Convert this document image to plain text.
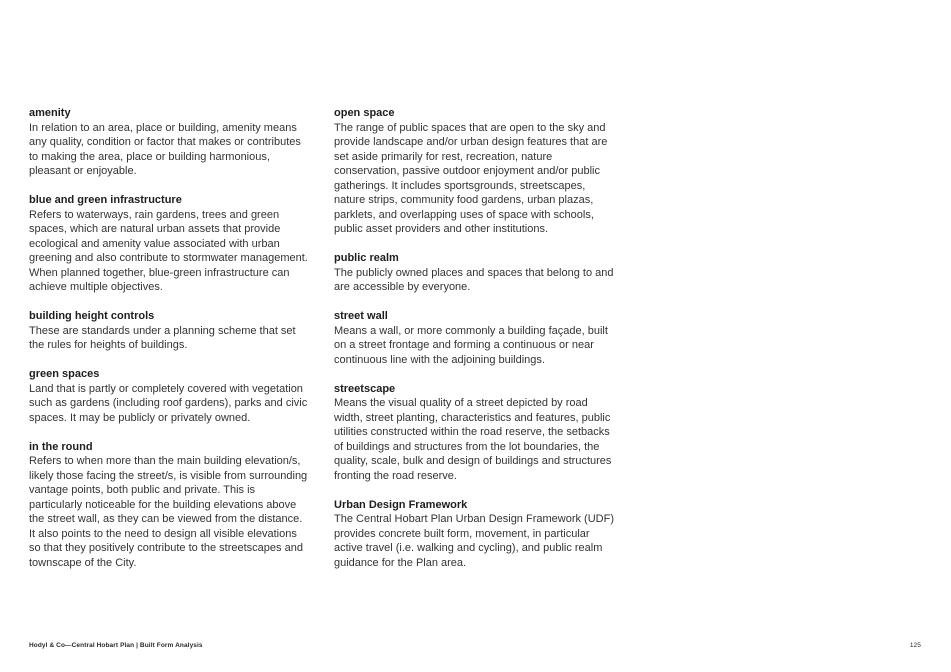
amenity
In relation to an area, place or building, amenity means any quality, condition or factor that makes or contributes to making the area, place or building harmonious, pleasant or enjoyable.
blue and green infrastructure
Refers to waterways, rain gardens, trees and green spaces, which are natural urban assets that provide ecological and amenity value associated with urban greening and also contribute to stormwater management. When planned together, blue-green infrastructure can achieve multiple objectives.
building height controls
These are standards under a planning scheme that set the rules for heights of buildings.
green spaces
Land that is partly or completely covered with vegetation such as gardens (including roof gardens), parks and civic spaces. It may be publicly or privately owned.
in the round
Refers to when more than the main building elevation/s, likely those facing the street/s, is visible from surrounding vantage points, both public and private. This is particularly noticeable for the building elevations above the street wall, as they can be viewed from the distance. It also points to the need to design all visible elevations so that they positively contribute to the streetscapes and townscape of the City.
open space
The range of public spaces that are open to the sky and provide landscape and/or urban design features that are set aside primarily for rest, recreation, nature conservation, passive outdoor enjoyment and/or public gatherings. It includes sportsgrounds, streetscapes, nature strips, community food gardens, urban plazas, parklets, and overlapping uses of space with schools, public asset providers and other institutions.
public realm
The publicly owned places and spaces that belong to and are accessible by everyone.
street wall
Means a wall, or more commonly a building façade, built on a street frontage and forming a continuous or near continuous line with the adjoining buildings.
streetscape
Means the visual quality of a street depicted by road width, street planting, characteristics and features, public utilities constructed within the road reserve, the setbacks of buildings and structures from the lot boundaries, the quality, scale, bulk and design of buildings and structures fronting the road reserve.
Urban Design Framework
The Central Hobart Plan Urban Design Framework (UDF) provides concrete built form, movement, in particular active travel (i.e. walking and cycling), and public realm guidance for the Plan area.
Hodyl & Co—Central Hobart Plan | Built Form Analysis	125
